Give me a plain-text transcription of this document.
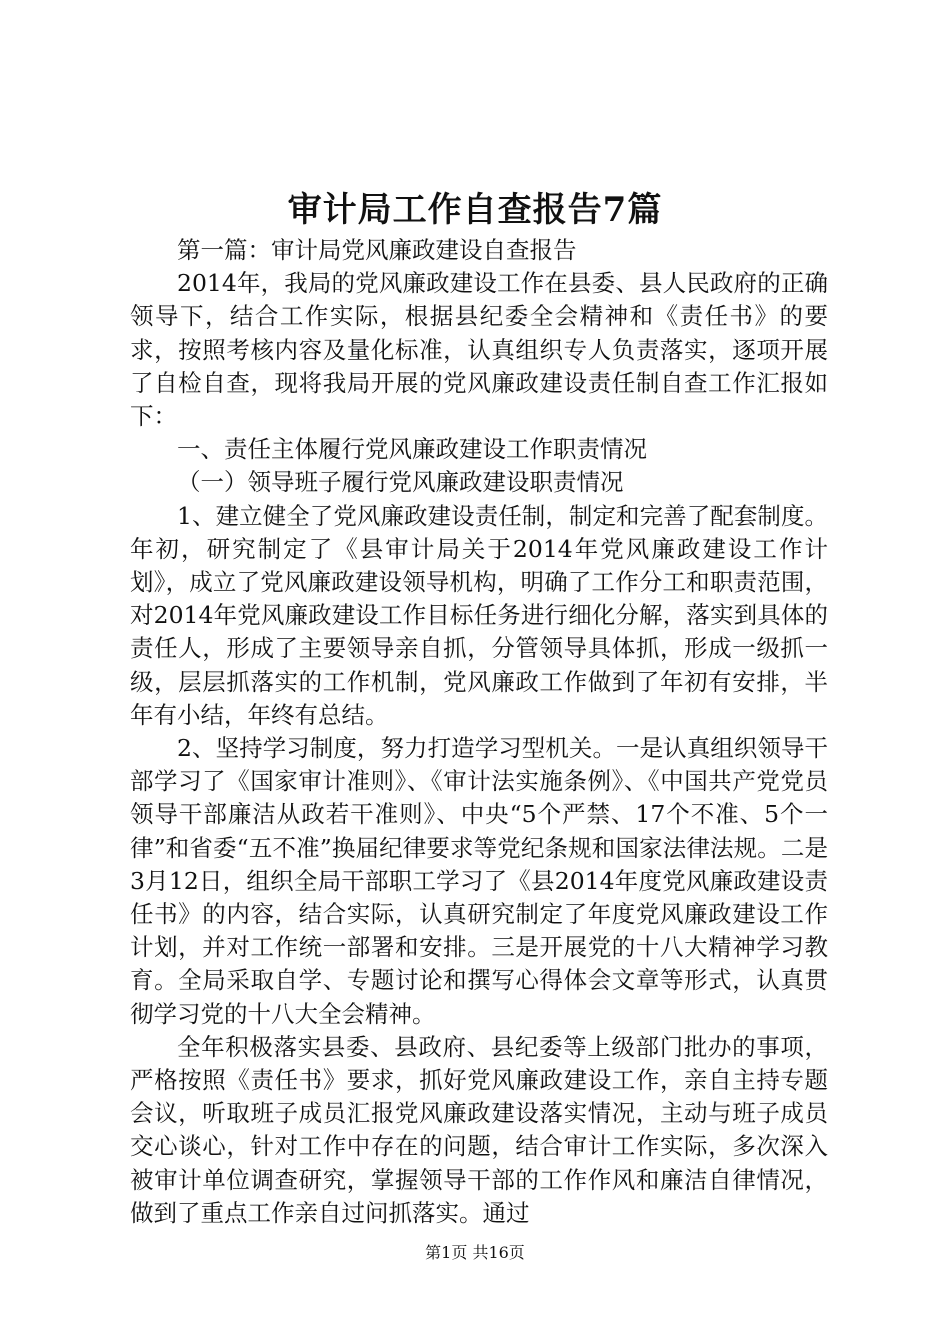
审计局工作自查报告7篇

第一篇：审计局党风廉政建设自查报告

2014年，我局的党风廉政建设工作在县委、县人民政府的正确领导下，结合工作实际，根据县纪委全会精神和《责任书》的要求，按照考核内容及量化标准，认真组织专人负责落实，逐项开展了自检自查，现将我局开展的党风廉政建设责任制自查工作汇报如下：

一、责任主体履行党风廉政建设工作职责情况

（一）领导班子履行党风廉政建设职责情况

1、建立健全了党风廉政建设责任制，制定和完善了配套制度。年初，研究制定了《县审计局关于2014年党风廉政建设工作计划》，成立了党风廉政建设领导机构，明确了工作分工和职责范围，对2014年党风廉政建设工作目标任务进行细化分解，落实到具体的责任人，形成了主要领导亲自抓，分管领导具体抓，形成一级抓一级，层层抓落实的工作机制，党风廉政工作做到了年初有安排，半年有小结，年终有总结。

2、坚持学习制度，努力打造学习型机关。一是认真组织领导干部学习了《国家审计准则》、《审计法实施条例》、《中国共产党党员领导干部廉洁从政若干准则》、中央“5个严禁、17个不准、5个一律”和省委“五不准”换届纪律要求等党纪条规和国家法律法规。二是3月12日，组织全局干部职工学习了《县2014年度党风廉政建设责任书》的内容，结合实际，认真研究制定了年度党风廉政建设工作计划，并对工作统一部署和安排。三是开展党的十八大精神学习教育。全局采取自学、专题讨论和撰写心得体会文章等形式，认真贯彻学习党的十八大全会精神。

全年积极落实县委、县政府、县纪委等上级部门批办的事项，严格按照《责任书》要求，抓好党风廉政建设工作，亲自主持专题会议，听取班子成员汇报党风廉政建设落实情况，主动与班子成员交心谈心，针对工作中存在的问题，结合审计工作实际，多次深入被审计单位调查研究，掌握领导干部的工作作风和廉洁自律情况，做到了重点工作亲自过问抓落实。通过

第1页 共16页
